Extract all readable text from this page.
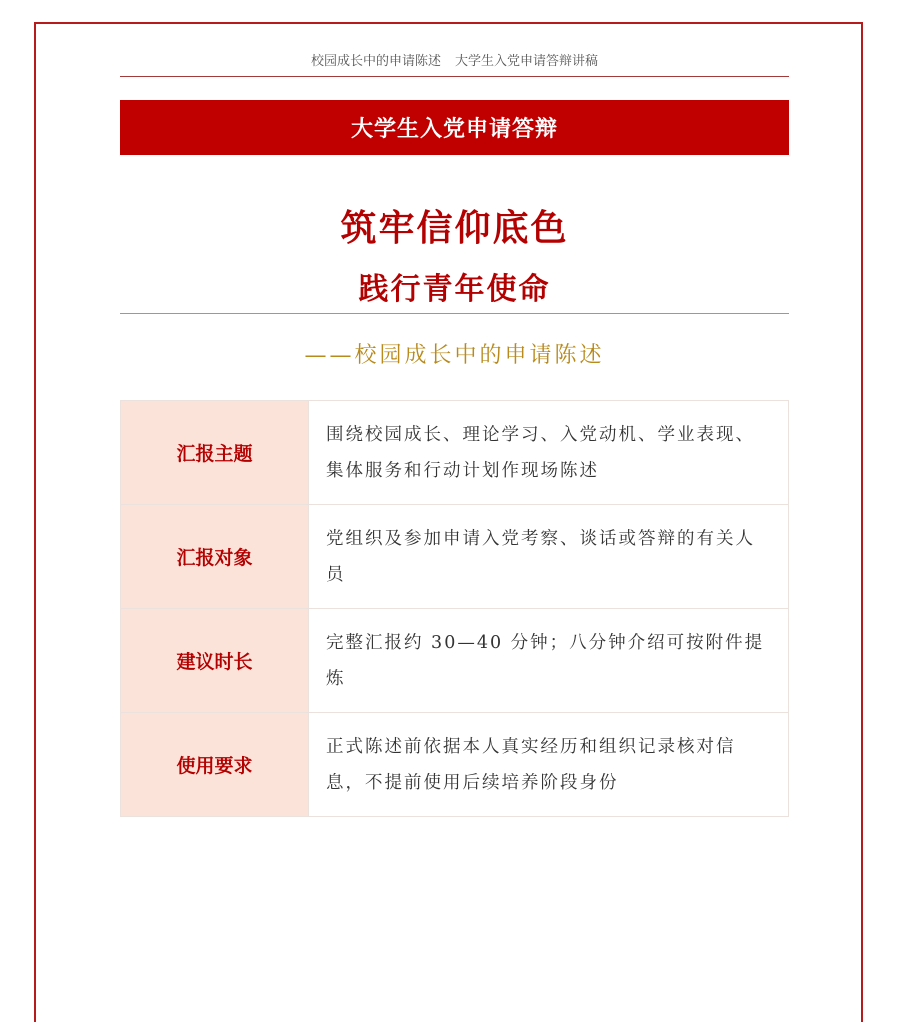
校园成长中的申请陈述 大学生入党申请答辩讲稿
大学生入党申请答辩
筑牢信仰底色
践行青年使命
——校园成长中的申请陈述
汇报主题	围绕校园成长、理论学习、入党动机、学业表现、集体服务和行动计划作现场陈述
汇报对象	党组织及参加申请入党考察、谈话或答辩的有关人员
建议时长	完整汇报约 30—40 分钟；八分钟介绍可按附件提炼
使用要求	正式陈述前依据本人真实经历和组织记录核对信息，不提前使用后续培养阶段身份
